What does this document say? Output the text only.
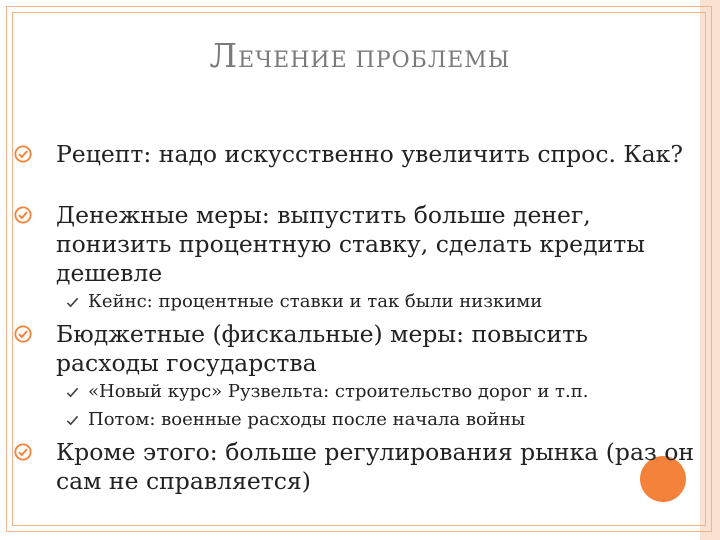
ЛЕЧЕНИЕ ПРОБЛЕМЫ
Рецепт: надо искусственно увеличить спрос. Как?
Денежные меры: выпустить больше денег, понизить процентную ставку, сделать кредиты дешевле
Кейнс: процентные ставки и так были низкими
Бюджетные (фискальные) меры: повысить расходы государства
«Новый курс» Рузвельта: строительство дорог и т.п.
Потом: военные расходы после начала войны
Кроме этого: больше регулирования рынка (раз он сам не справляется)
